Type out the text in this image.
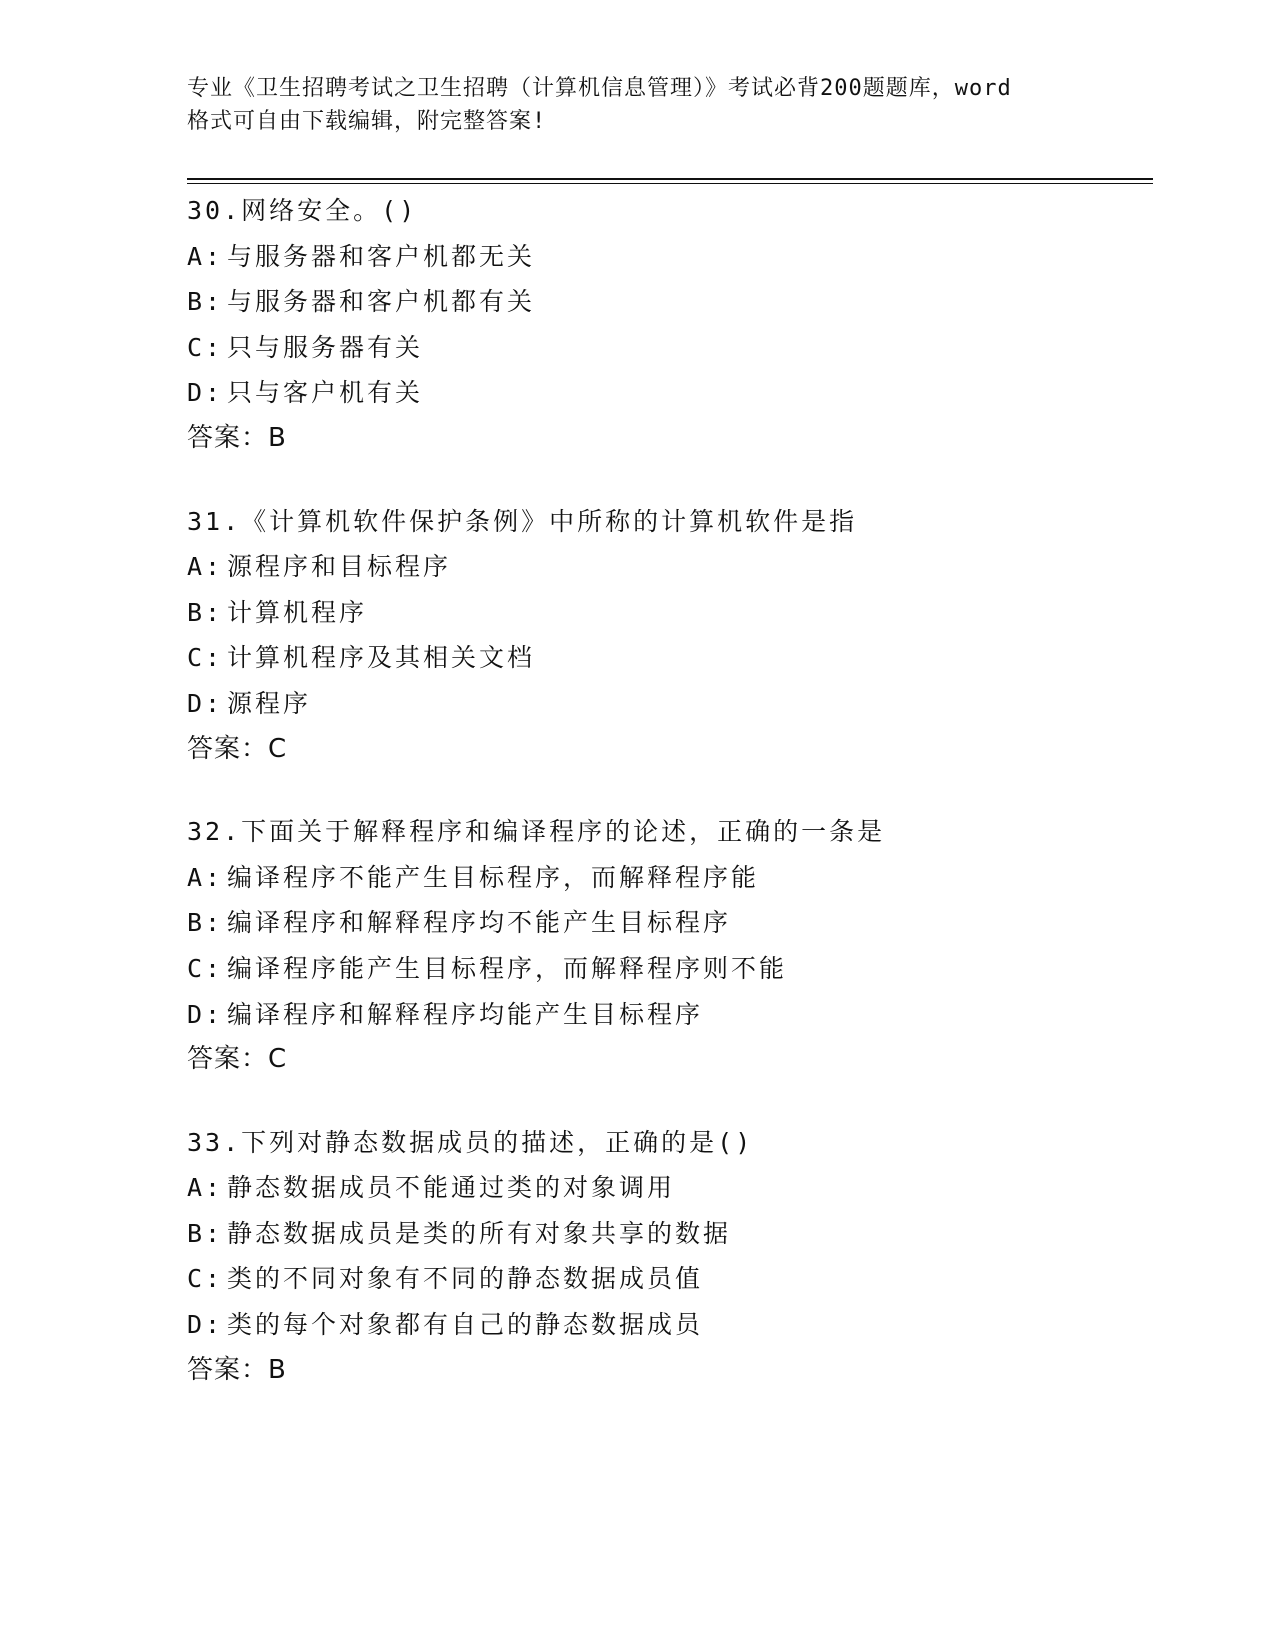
专业《卫生招聘考试之卫生招聘（计算机信息管理）》考试必背200题题库，word
格式可自由下载编辑，附完整答案!
30.网络安全。()
A: 与服务器和客户机都无关
B: 与服务器和客户机都有关
C: 只与服务器有关
D: 只与客户机有关
答案：B
31.《计算机软件保护条例》中所称的计算机软件是指
A: 源程序和目标程序
B: 计算机程序
C: 计算机程序及其相关文档
D: 源程序
答案：C
32.下面关于解释程序和编译程序的论述，正确的一条是
A: 编译程序不能产生目标程序，而解释程序能
B: 编译程序和解释程序均不能产生目标程序
C: 编译程序能产生目标程序，而解释程序则不能
D: 编译程序和解释程序均能产生目标程序
答案：C
33.下列对静态数据成员的描述，正确的是()
A: 静态数据成员不能通过类的对象调用
B: 静态数据成员是类的所有对象共享的数据
C: 类的不同对象有不同的静态数据成员值
D: 类的每个对象都有自己的静态数据成员
答案：B
